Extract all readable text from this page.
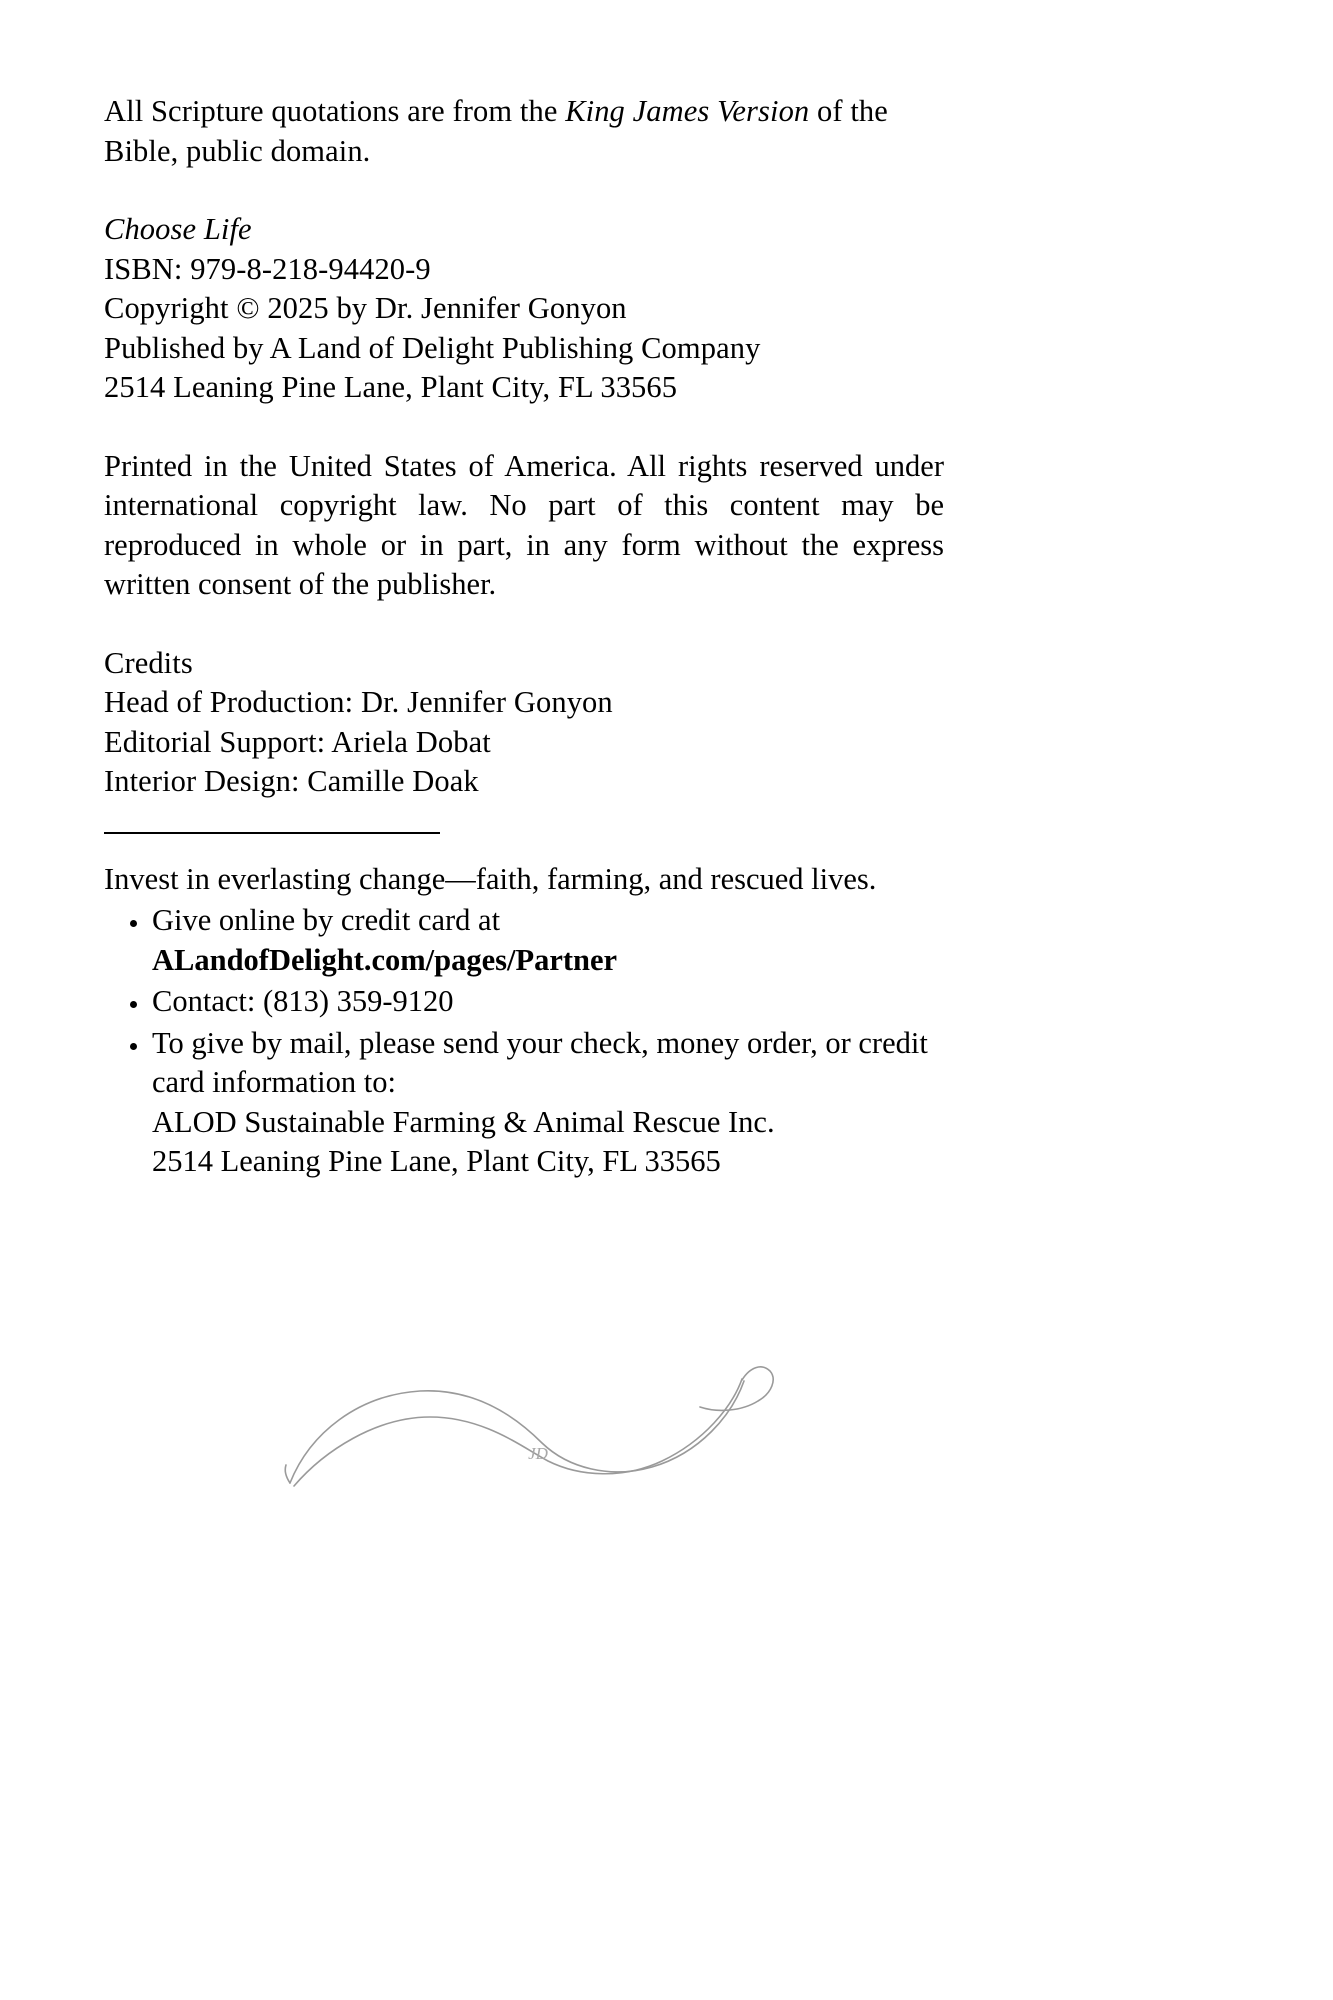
All Scripture quotations are from the King James Version of the
Bible, public domain.
Choose Life
ISBN: 979-8-218-94420-9
Copyright © 2025 by Dr. Jennifer Gonyon
Published by A Land of Delight Publishing Company
2514 Leaning Pine Lane, Plant City, FL 33565
Printed in the United States of America. All rights reserved under international copyright law. No part of this content may be reproduced in whole or in part, in any form without the express written consent of the publisher.
Credits
Head of Production: Dr. Jennifer Gonyon
Editorial Support: Ariela Dobat
Interior Design: Camille Doak
Invest in everlasting change—faith, farming, and rescued lives.
Give online by credit card at ALandofDelight.com/pages/Partner
Contact: (813) 359-9120
To give by mail, please send your check, money order, or credit card information to:
ALOD Sustainable Farming & Animal Rescue Inc.
2514 Leaning Pine Lane, Plant City, FL 33565
JD
